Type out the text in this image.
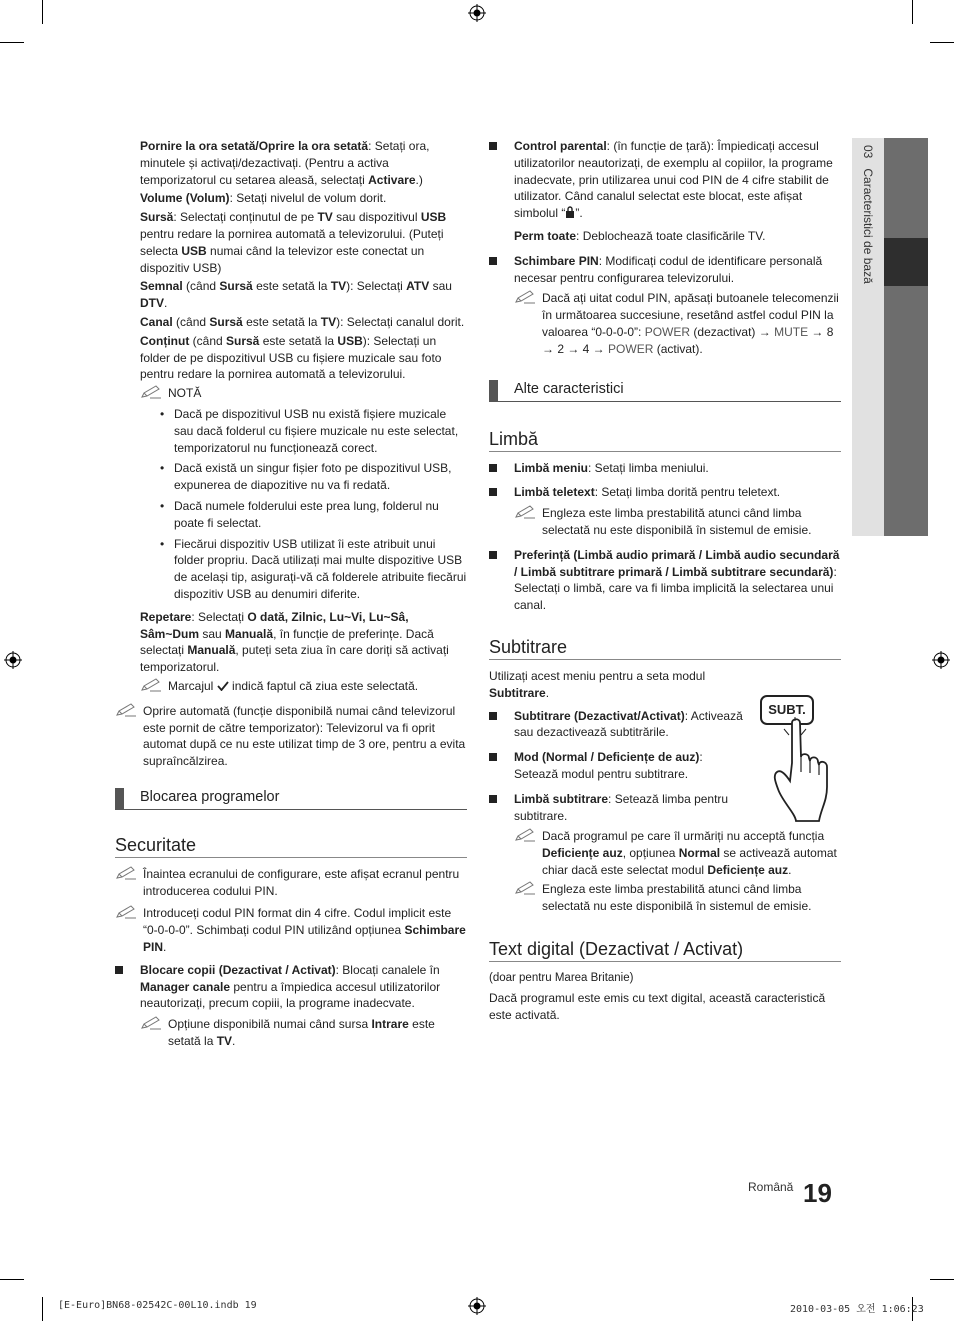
03   Caracteristici de bază
Pornire la ora setată/Oprire la ora setată: Setați ora, minutele și activați/dezactivați. (Pentru a activa temporizatorul cu setarea aleasă, selectați Activare.)
Volume (Volum): Setați nivelul de volum dorit.
Sursă: Selectați conținutul de pe TV sau dispozitivul USB pentru redare la pornirea automată a televizorului. (Puteți selecta USB numai când la televizor este conectat un dispozitiv USB)
Semnal (când Sursă este setată la TV): Selectați ATV sau DTV.
Canal (când Sursă este setată la TV): Selectați canalul dorit.
Conținut (când Sursă este setată la USB): Selectați un folder de pe dispozitivul USB cu fișiere muzicale sau foto pentru redare la pornirea automată a televizorului.
NOTĂ
• Dacă pe dispozitivul USB nu există fișiere muzicale sau dacă folderul cu fișiere muzicale nu este selectat, temporizatorul nu funcționează corect.
• Dacă există un singur fișier foto pe dispozitivul USB, expunerea de diapozitive nu va fi redată.
• Dacă numele folderului este prea lung, folderul nu poate fi selectat.
• Fiecărui dispozitiv USB utilizat îi este atribuit unui folder propriu. Dacă utilizați mai multe dispozitive USB de același tip, asigurați-vă că folderele atribuite fiecărui dispozitiv USB au denumiri diferite.
Repetare: Selectați O dată, Zilnic, Lu~Vi, Lu~Sâ, Sâm~Dum sau Manuală, în funcție de preferințe. Dacă selectați Manuală, puteți seta ziua în care doriți să activați temporizatorul.
Marcajul  indică faptul că ziua este selectată.
Oprire automată (funcție disponibilă numai când televizorul este pornit de către temporizator): Televizorul va fi oprit automat după ce nu este utilizat timp de 3 ore, pentru a evita supraîncălzirea.
Blocarea programelor
Securitate
Înaintea ecranului de configurare, este afișat ecranul pentru introducerea codului PIN.
Introduceți codul PIN format din 4 cifre. Codul implicit este “0-0-0-0”. Schimbați codul PIN utilizând opțiunea Schimbare PIN.
Blocare copii (Dezactivat / Activat): Blocați canalele în Manager canale pentru a împiedica accesul utilizatorilor neautorizați, precum copiii, la programe inadecvate.
Opțiune disponibilă numai când sursa Intrare este setată la TV.
Control parental: (în funcție de țară): Împiedicați accesul utilizatorilor neautorizați, de exemplu al copiilor, la programe inadecvate, prin utilizarea unui cod PIN de 4 cifre stabilit de utilizator. Când canalul selectat este blocat, este afișat simbolul “ ”.
Perm toate: Deblochează toate clasificările TV.
Schimbare PIN: Modificați codul de identificare personală necesar pentru configurarea televizorului.
Dacă ați uitat codul PIN, apăsați butoanele telecomenzii în următoarea succesiune, resetând astfel codul PIN la valoarea “0-0-0-0”: POWER (dezactivat) → MUTE → 8 → 2 → 4 → POWER (activat).
Alte caracteristici
Limbă
Limbă meniu: Setați limba meniului.
Limbă teletext: Setați limba dorită pentru teletext.
Engleza este limba prestabilită atunci când limba selectată nu este disponibilă în sistemul de emisie.
Preferință (Limbă audio primară / Limbă audio secundară / Limbă subtitrare primară / Limbă subtitrare secundară): Selectați o limbă, care va fi limba implicită la selectarea unui canal.
Subtitrare
Utilizați acest meniu pentru a seta modul Subtitrare.
Subtitrare (Dezactivat/Activat): Activează sau dezactivează subtitrările.
Mod (Normal / Deficiențe de auz): Setează modul pentru subtitrare.
Limbă subtitrare: Setează limba pentru subtitrare.
Dacă programul pe care îl urmăriți nu acceptă funcția Deficiențe auz, opțiunea Normal se activează automat chiar dacă este selectat modul Deficiențe auz.
Engleza este limba prestabilită atunci când limba selectată nu este disponibilă în sistemul de emisie.
Text digital (Dezactivat / Activat)
(doar pentru Marea Britanie)
Dacă programul este emis cu text digital, această caracteristică este activată.
SUBT.
Română 19
[E-Euro]BN68-02542C-00L10.indb 19	2010-03-05 오전 1:06:23
